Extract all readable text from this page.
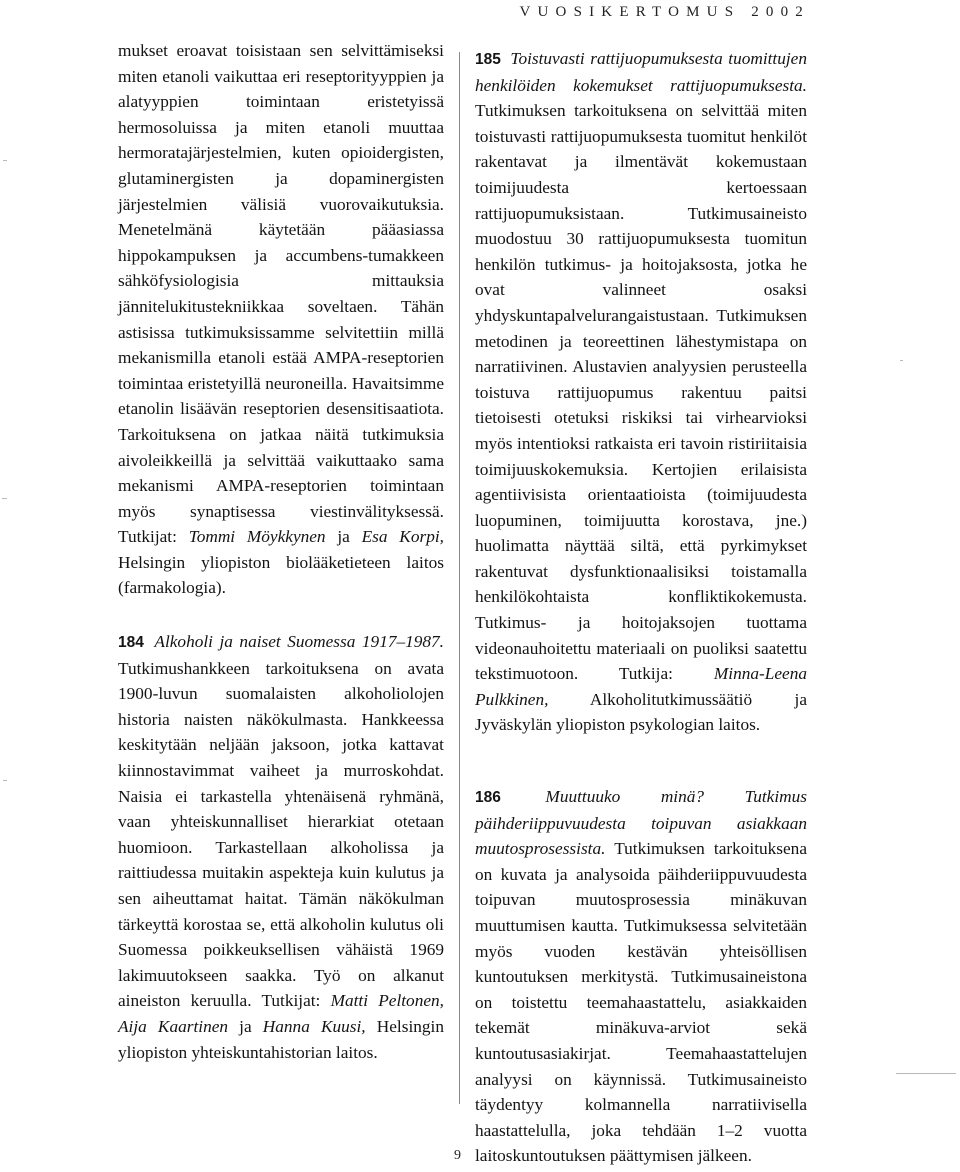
VUOSIKERTOMUS 2002

mukset eroavat toisistaan sen selvittämiseksi miten etanoli vaikuttaa eri reseptorityyppien ja alatyyppien toimintaan eristetyissä hermosoluissa ja miten etanoli muuttaa hermoratajärjestelmien, kuten opioidergisten, glutaminergisten ja dopaminergisten järjestelmien välisiä vuorovaikutuksia. Menetelmänä käytetään pääasiassa hippokampuksen ja accumbens-tumakkeen sähköfysiologisia mittauksia jännitelukitustekniikkaa soveltaen. Tähän astisissa tutkimuksissamme selvitettiin millä mekanismilla etanoli estää AMPA-reseptorien toimintaa eristetyillä neuroneilla. Havaitsimme etanolin lisäävän reseptorien desensitisaatiota. Tarkoituksena on jatkaa näitä tutkimuksia aivoleikkeillä ja selvittää vaikuttaako sama mekanismi AMPA-reseptorien toimintaan myös synaptisessa viestinvälityksessä. Tutkijat: Tommi Möykkynen ja Esa Korpi, Helsingin yliopiston biolääketieteen laitos (farmakologia).

184 Alkoholi ja naiset Suomessa 1917–1987. Tutkimushankkeen tarkoituksena on avata 1900-luvun suomalaisten alkoholiolojen historia naisten näkökulmasta. Hankkeessa keskitytään neljään jaksoon, jotka kattavat kiinnostavimmat vaiheet ja murroskohdat. Naisia ei tarkastella yhtenäisenä ryhmänä, vaan yhteiskunnalliset hierarkiat otetaan huomioon. Tarkastellaan alkoholissa ja raittiudessa muitakin aspekteja kuin kulutus ja sen aiheuttamat haitat. Tämän näkökulman tärkeyttä korostaa se, että alkoholin kulutus oli Suomessa poikkeuksellisen vähäistä 1969 lakimuutokseen saakka. Työ on alkanut aineiston keruulla. Tutkijat: Matti Peltonen, Aija Kaartinen ja Hanna Kuusi, Helsingin yliopiston yhteiskuntahistorian laitos.

185 Toistuvasti rattijuopumuksesta tuomittujen henkilöiden kokemukset rattijuopumuksesta. Tutkimuksen tarkoituksena on selvittää miten toistuvasti rattijuopumuksesta tuomitut henkilöt rakentavat ja ilmentävät kokemustaan toimijuudesta kertoessaan rattijuopumuksistaan. Tutkimusaineisto muodostuu 30 rattijuopumuksesta tuomitun henkilön tutkimus- ja hoitojaksosta, jotka he ovat valinneet osaksi yhdyskuntapalvelurangaistustaan. Tutkimuksen metodinen ja teoreettinen lähestymistapa on narratiivinen. Alustavien analyysien perusteella toistuva rattijuopumus rakentuu paitsi tietoisesti otetuksi riskiksi tai virhearvioksi myös intentioksi ratkaista eri tavoin ristiriitaisia toimijuuskokemuksia. Kertojien erilaisista agentiivisista orientaatioista (toimijuudesta luopuminen, toimijuutta korostava, jne.) huolimatta näyttää siltä, että pyrkimykset rakentuvat dysfunktionaalisiksi toistamalla henkilökohtaista konfliktikokemusta. Tutkimus- ja hoitojaksojen tuottama videonauhoitettu materiaali on puoliksi saatettu tekstimuotoon. Tutkija: Minna-Leena Pulkkinen, Alkoholitutkimussäätiö ja Jyväskylän yliopiston psykologian laitos.

186	Muuttuuko minä? Tutkimus päihderiippuvuudesta toipuvan asiakkaan muutosprosessista. Tutkimuksen tarkoituksena on kuvata ja analysoida päihderiippuvuudesta toipuvan muutosprosessia minäkuvan muuttumisen kautta. Tutkimuksessa selvitetään myös vuoden kestävän yhteisöllisen kuntoutuksen merkitystä. Tutkimusaineistona on toistettu teemahaastattelu, asiakkaiden tekemät minäkuva-arviot sekä kuntoutusasiakirjat. Teemahaastattelujen analyysi on käynnissä. Tutkimusaineisto täydentyy kolmannella narratiivisella haastattelulla, joka tehdään 1–2 vuotta laitoskuntoutuksen päättymisen jälkeen.

9
